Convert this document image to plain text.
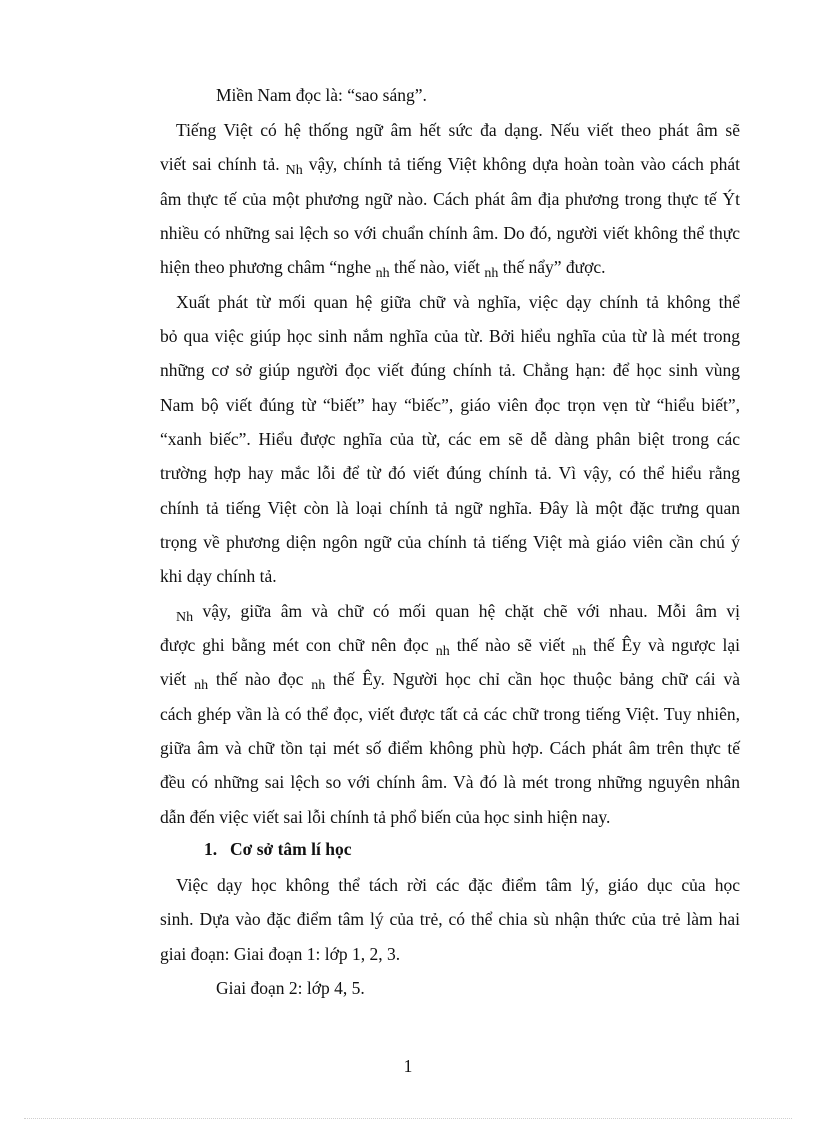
Miền Nam đọc là: “sao sáng”.
Tiếng Việt có hệ thống ngữ âm hết sức đa dạng. Nếu viết theo phát âm sẽ
viết sai chính tả. $_{Nh}$ vậy, chính tả tiếng Việt không dựa hoàn toàn vào cách phát
âm thực tế của một phương ngữ nào. Cách phát âm địa phương trong thực tế Ýt
nhiều có những sai lệch so với chuẩn chính âm. Do đó, người viết không thể thực
hiện theo phương châm “nghe $_{nh}$ thế nào, viết $_{nh}$ thế nẩy” được.
Xuất phát từ mối quan hệ giữa chữ và nghĩa, việc dạy chính tả không thể
bỏ qua việc giúp học sinh nắm nghĩa của từ. Bởi hiểu nghĩa của từ là mét trong
những cơ sở giúp người đọc viết đúng chính tả. Chẳng hạn: để học sinh vùng
Nam bộ viết đúng từ “biết” hay “biếc”, giáo viên đọc trọn vẹn từ “hiểu biết”,
“xanh biếc”. Hiểu được nghĩa của từ, các em sẽ dễ dàng phân biệt trong các
trường hợp hay mắc lỗi để từ đó viết đúng chính tả. Vì vậy, có thể hiểu rằng
chính tả tiếng Việt còn là loại chính tả ngữ nghĩa. Đây là một đặc trưng quan
trọng về phương diện ngôn ngữ của chính tả tiếng Việt mà giáo viên cần chú ý
khi dạy chính tả.
$_{Nh}$ vậy, giữa âm và chữ có mối quan hệ chặt chẽ với nhau. Mỗi âm vị
được ghi bằng mét con chữ nên đọc $_{nh}$ thế nào sẽ viết $_{nh}$ thế Êy và ngược lại
viết $_{nh}$ thế nào đọc $_{nh}$ thế Êy. Người học chỉ cần học thuộc bảng chữ cái và
cách ghép vần là có thể đọc, viết được tất cả các chữ trong tiếng Việt. Tuy nhiên,
giữa âm và chữ tồn tại mét số điểm không phù hợp. Cách phát âm trên thực tế
đều có những sai lệch so với chính âm. Và đó là mét trong những nguyên nhân
dẫn đến việc viết sai lỗi chính tả phổ biến của học sinh hiện nay.
1. Cơ sở tâm lí học
Việc dạy học không thể tách rời các đặc điểm tâm lý, giáo dục của học
sinh. Dựa vào đặc điểm tâm lý của trẻ, có thể chia sù nhận thức của trẻ làm hai
giai đoạn: Giai đoạn 1: lớp 1, 2, 3.
Giai đoạn 2: lớp 4, 5.
1
